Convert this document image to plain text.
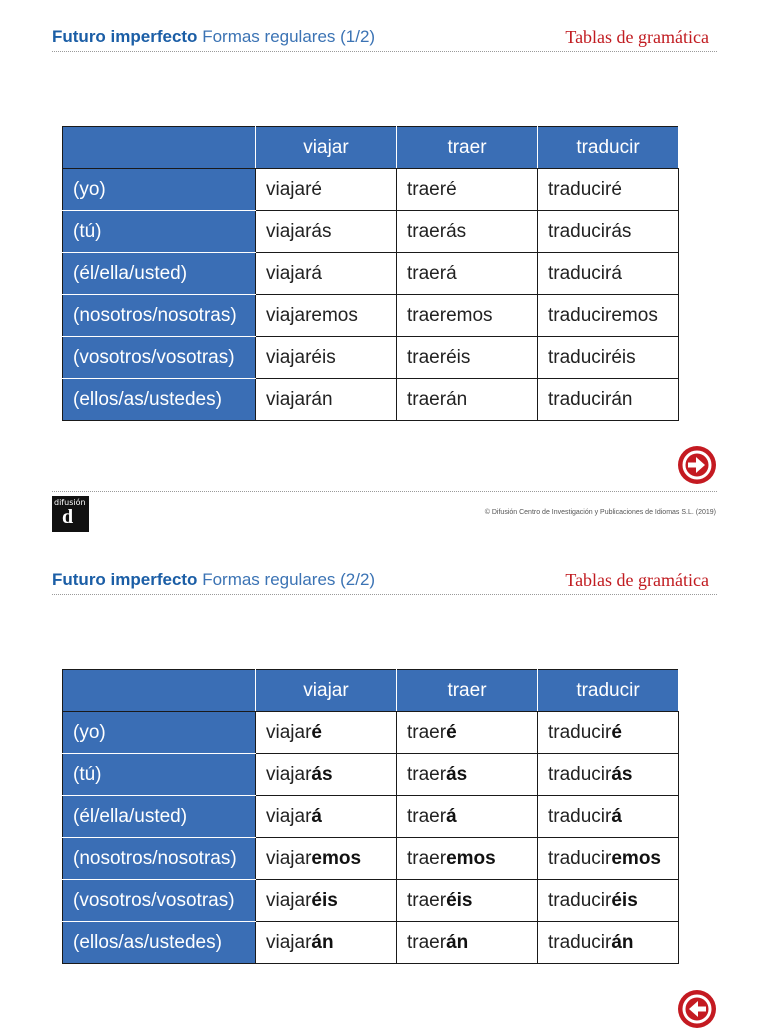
Futuro imperfecto Formas regulares (1/2)	Tablas de gramática
	viajar	traer	traducir
(yo)	viajaré	traeré	traduciré
(tú)	viajarás	traerás	traducirás
(él/ella/usted)	viajará	traerá	traducirá
(nosotros/nosotras)	viajaremos	traeremos	traduciremos
(vosotros/vosotras)	viajaréis	traeréis	traduciréis
(ellos/as/ustedes)	viajarán	traerán	traducirán
difusión
d	© Difusión Centro de Investigación y Publicaciones de Idiomas S.L. (2019)
Futuro imperfecto Formas regulares (2/2)	Tablas de gramática
	viajar	traer	traducir
(yo)	viajaré	traeré	traduciré
(tú)	viajarás	traerás	traducirás
(él/ella/usted)	viajará	traerá	traducirá
(nosotros/nosotras)	viajaremos	traeremos	traduciremos
(vosotros/vosotras)	viajaréis	traeréis	traduciréis
(ellos/as/ustedes)	viajarán	traerán	traducirán
